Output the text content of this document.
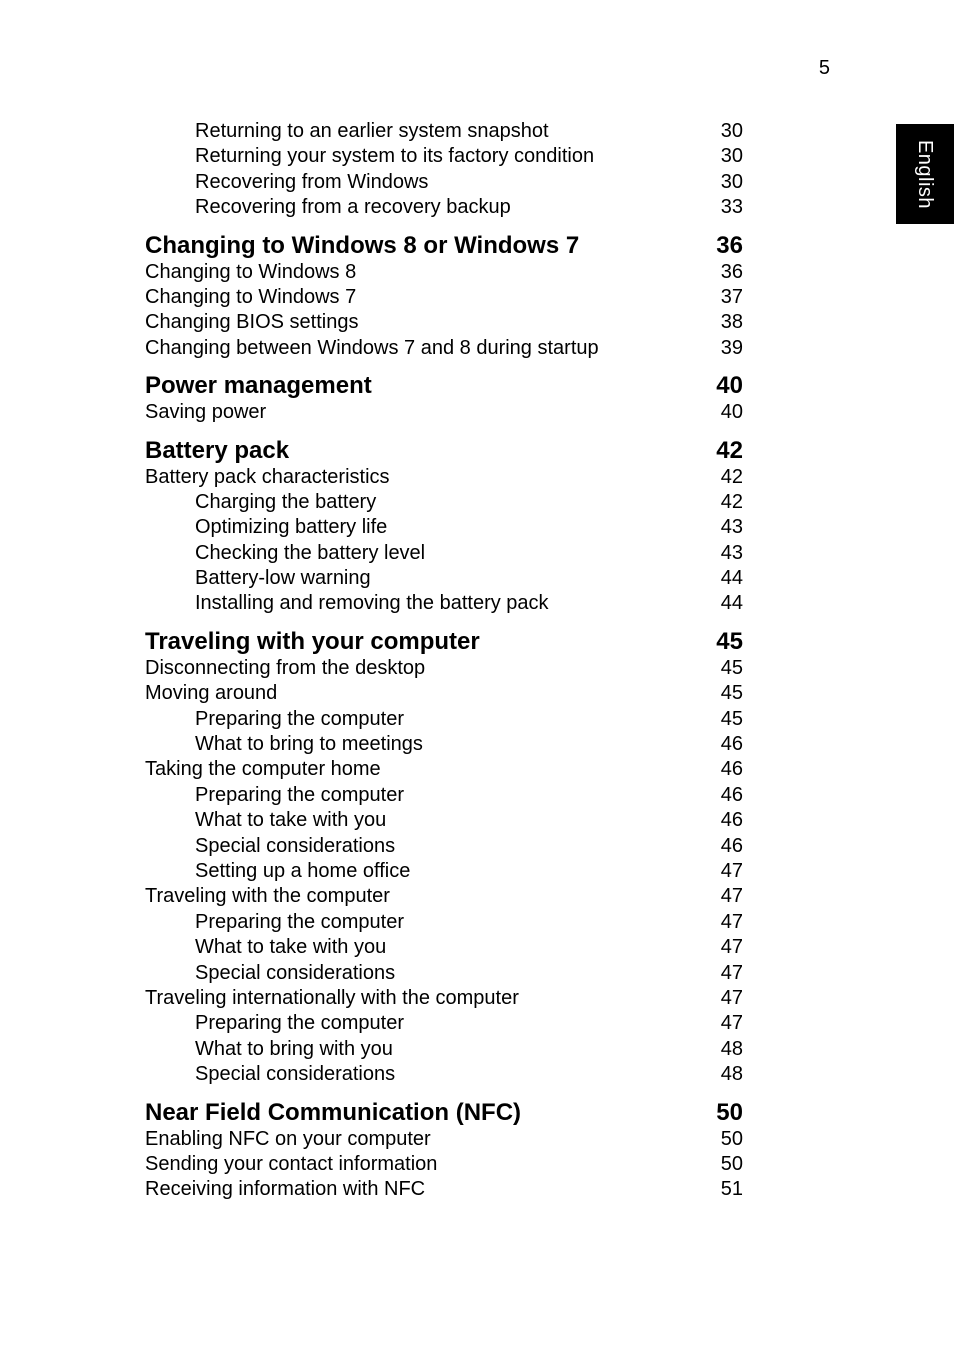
5
English
Returning to an earlier system snapshot	30
Returning your system to its factory condition	30
Recovering from Windows	30
Recovering from a recovery backup	33
Changing to Windows 8 or Windows 7	36
Changing to Windows 8	36
Changing to Windows 7	37
Changing BIOS settings	38
Changing between Windows 7 and 8 during startup	39
Power management	40
Saving power	40
Battery pack	42
Battery pack characteristics	42
Charging the battery	42
Optimizing battery life	43
Checking the battery level	43
Battery-low warning	44
Installing and removing the battery pack	44
Traveling with your computer	45
Disconnecting from the desktop	45
Moving around	45
Preparing the computer	45
What to bring to meetings	46
Taking the computer home	46
Preparing the computer	46
What to take with you	46
Special considerations	46
Setting up a home office	47
Traveling with the computer	47
Preparing the computer	47
What to take with you	47
Special considerations	47
Traveling internationally with the computer	47
Preparing the computer	47
What to bring with you	48
Special considerations	48
Near Field Communication (NFC)	50
Enabling NFC on your computer	50
Sending your contact information	50
Receiving information with NFC	51
